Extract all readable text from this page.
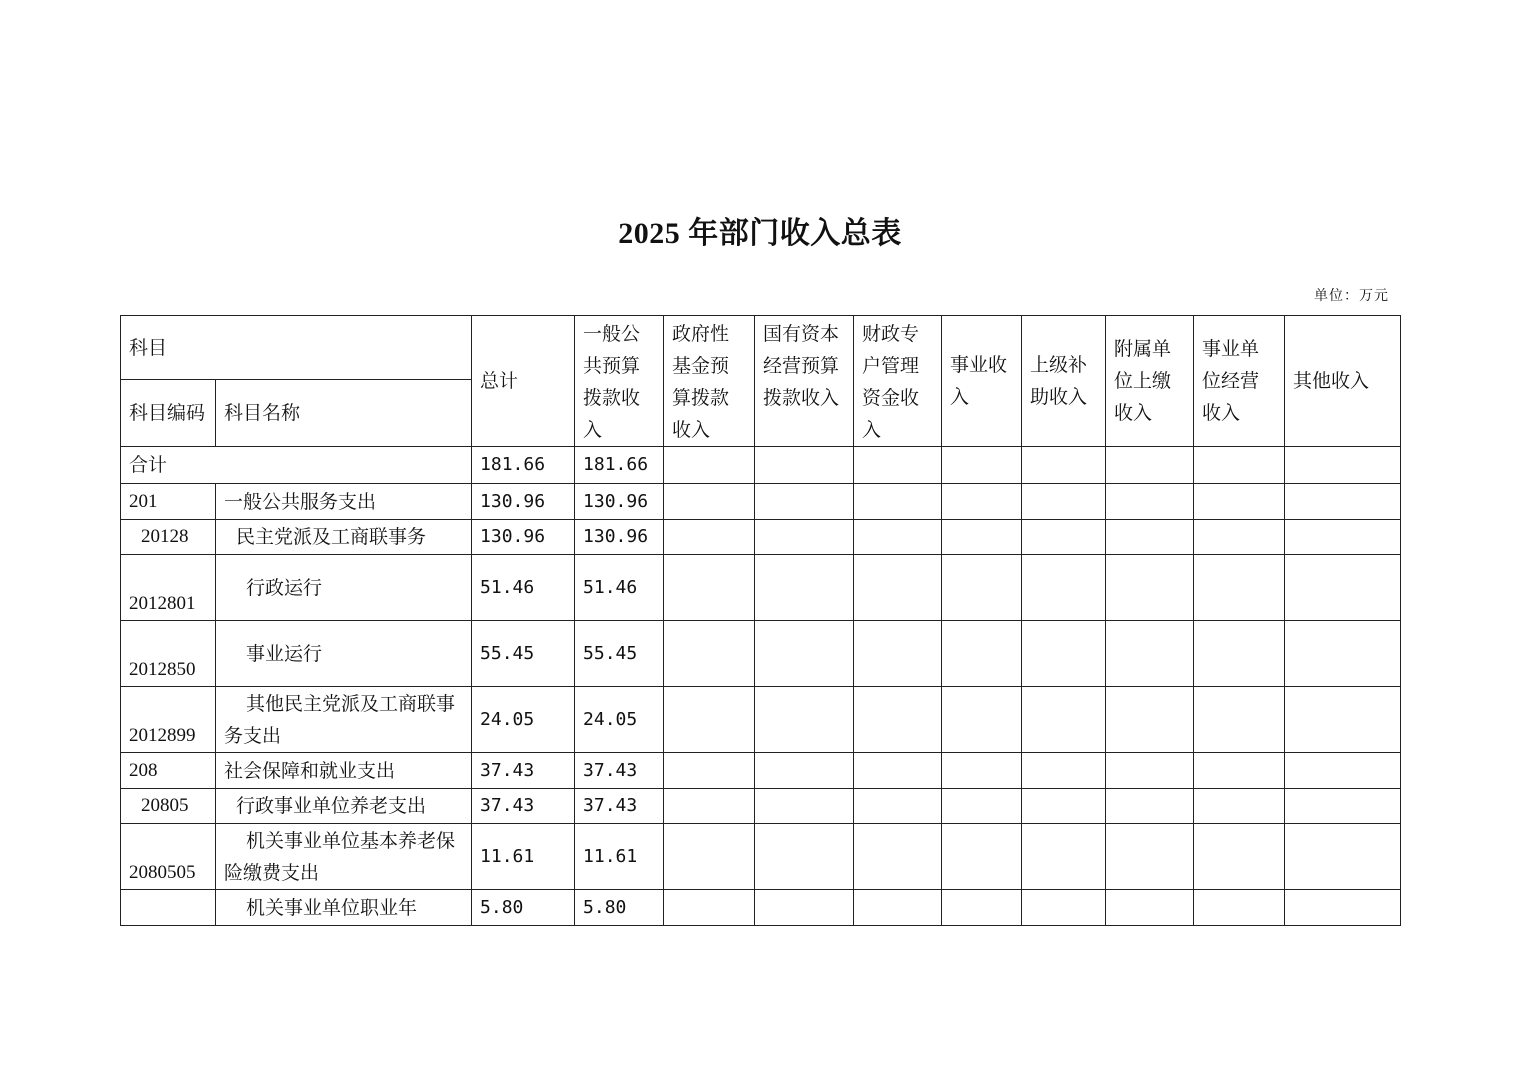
2025 年部门收入总表
单位：万元
科目		总计	一般公共预算拨款收入	政府性基金预算拨款收入	国有资本经营预算拨款收入	财政专户管理资金收入	事业收入	上级补助收入	附属单位上缴收入	事业单位经营收入	其他收入
科目编码	科目名称										
合计		181.66	181.66								
201	一般公共服务支出	130.96	130.96								
20128	民主党派及工商联事务	130.96	130.96								
2012801	行政运行	51.46	51.46								
2012850	事业运行	55.45	55.45								
2012899	其他民主党派及工商联事务支出	24.05	24.05								
208	社会保障和就业支出	37.43	37.43								
20805	行政事业单位养老支出	37.43	37.43								
2080505	机关事业单位基本养老保险缴费支出	11.61	11.61								
	机关事业单位职业年	5.80	5.80								
